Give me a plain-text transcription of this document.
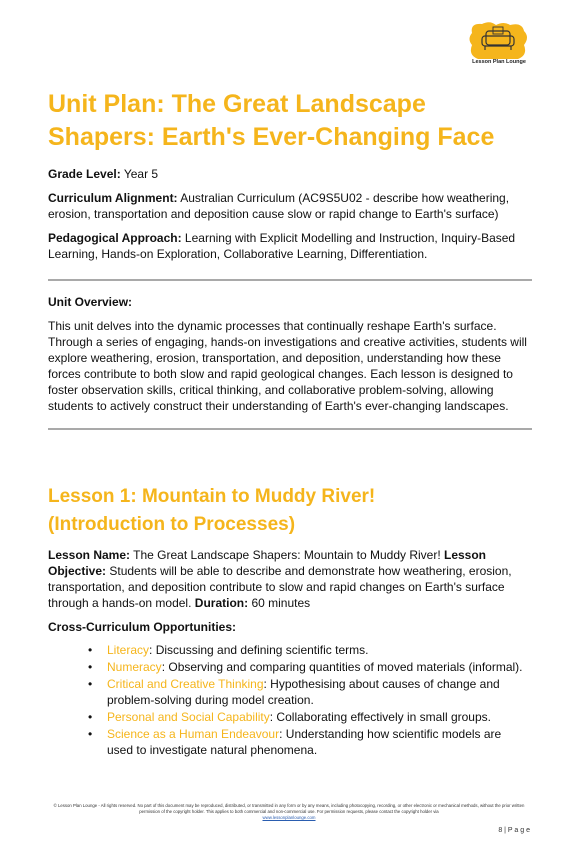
Lesson Plan Lounge
Unit Plan: The Great Landscape Shapers: Earth's Ever-Changing Face

Grade Level: Year 5

Curriculum Alignment: Australian Curriculum (AC9S5U02 - describe how weathering, erosion, transportation and deposition cause slow or rapid change to Earth's surface)

Pedagogical Approach: Learning with Explicit Modelling and Instruction, Inquiry-Based Learning, Hands-on Exploration, Collaborative Learning, Differentiation.

Unit Overview:

This unit delves into the dynamic processes that continually reshape Earth's surface. Through a series of engaging, hands-on investigations and creative activities, students will explore weathering, erosion, transportation, and deposition, understanding how these forces contribute to both slow and rapid geological changes. Each lesson is designed to foster observation skills, critical thinking, and collaborative problem-solving, allowing students to actively construct their understanding of Earth's ever-changing landscapes.

Lesson 1: Mountain to Muddy River! (Introduction to Processes)

Lesson Name: The Great Landscape Shapers: Mountain to Muddy River! Lesson Objective: Students will be able to describe and demonstrate how weathering, erosion, transportation, and deposition contribute to slow and rapid changes on Earth's surface through a hands-on model. Duration: 60 minutes

Cross-Curriculum Opportunities:

• Literacy: Discussing and defining scientific terms.
• Numeracy: Observing and comparing quantities of moved materials (informal).
• Critical and Creative Thinking: Hypothesising about causes of change and problem-solving during model creation.
• Personal and Social Capability: Collaborating effectively in small groups.
• Science as a Human Endeavour: Understanding how scientific models are used to investigate natural phenomena.
© Lesson Plan Lounge - All rights reserved. No part of this document may be reproduced, distributed, or transmitted in any form or by any means, including photocopying, recording, or other electronic or mechanical methods, without the prior written permission of the copyright holder. This applies to both commercial and non-commercial use. For permission requests, please contact the copyright holder via
www.lessonplanlounge.com
8 | P a g e
